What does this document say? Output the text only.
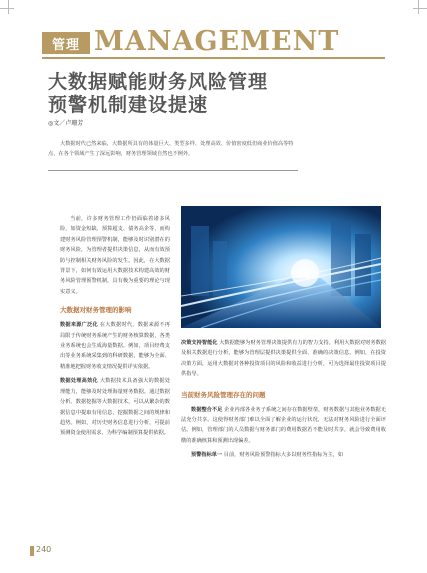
管理 MANAGEMENT
大数据赋能财务风险管理
预警机制建设提速
◎文／卢珊芳
大数据时代已然来临，大数据所具有的体量巨大、类型多样、处理高效、价值密度低但商业价值高等特点，在各个领域产生了深远影响，财务管理领域自然也不例外。

当前，许多财务管理工作仍面临着诸多风险，如资金短缺、预算超支、债务高企等，而构建财务风险管理预警机制，能够及时识别潜在的财务风险，为管理者提供决策信息，从而有效预防与控制相关财务风险的发生。因此，在大数据背景下，如何有效运用大数据技术构建高效的财务风险管理预警机制，具有极为重要的理论与现实意义。

大数据对财务管理的影响

数据来源广泛化 在大数据时代，数据来源不再局限于传统财务系统产生的财务核算数据，各类业务系统也会生成海量数据。例如，项目经费支出等业务系统采集到的科研数据，能够为全面、精准地把握财务收支情况提供详实依据。

数据处理高效化 大数据技术具备强大的数据处理能力，能够及时处理海量财务数据。通过数据分析、数据挖掘等大数据技术，可以从繁杂的数据信息中提取有用信息，挖掘数据之间的规律和趋势。例如，对历史财务信息进行分析，可提前预测资金使用需求，为科学编制预算提供依据。

决策支持智能化 大数据能够为财务管理决策提供有力的智力支持。利用大数据对财务数据及相关数据进行分析，能够为管理层提供决策提供全面、准确的决策信息。例如，在投资决策方面，运用大数据对各种投资项目的风险和收益进行分析，可为选择最佳投资项目提供指导。

当前财务风险管理存在的问题

数据整合不足 企业内部各业务子系统之间存在数据壁垒，财务数据与其他业务数据无法充分共享。这使得财务部门难以全面了解企业的运行状况，无法对财务风险进行全面评估。例如，管理部门的人员数据与财务部门的费用数据若不能及时共享，就会导致费用收缴的准确核算和预测出现偏差。

预警指标单一 目前，财务风险预警指标大多以财务性指标为主，如

240
